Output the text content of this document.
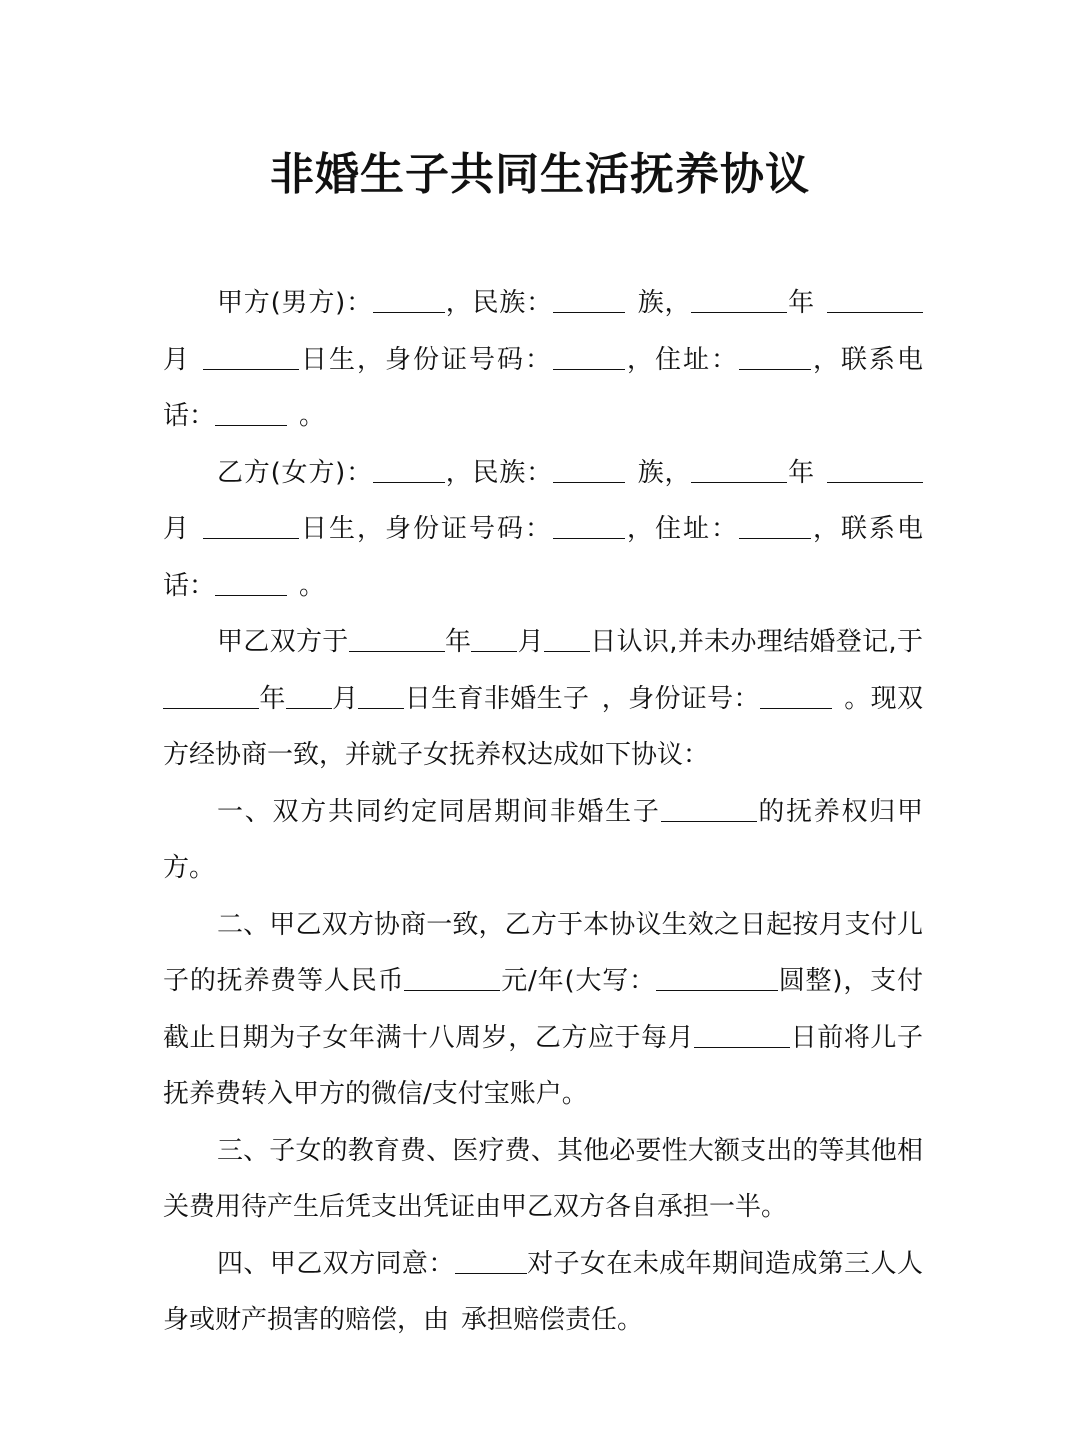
非婚生子共同生活抚养协议

甲方(男方)：	，民族：	族，	年月	日生，身份证号码：	，住址：	，联系电话：	。

乙方(女方)：	，民族：	族，	年月	日生，身份证号码：	，住址：	，联系电话：	。

甲乙双方于	年 月 日认识,并未办理结婚登记,于年 月 日生育非婚生子 ，身份证号：	。现双方经协商一致，并就子女抚养权达成如下协议：

一、双方共同约定同居期间非婚生子	的抚养权归甲方。

二、甲乙双方协商一致，乙方于本协议生效之日起按月支付儿子的抚养费等人民币	元/年(大写：	圆整)，支付截止日期为子女年满十八周岁，乙方应于每月	日前将儿子抚养费转入甲方的微信/支付宝账户。

三、子女的教育费、医疗费、其他必要性大额支出的等其他相关费用待产生后凭支出凭证由甲乙双方各自承担一半。

四、甲乙双方同意：	对子女在未成年期间造成第三人人身或财产损害的赔偿，由 承担赔偿责任。
